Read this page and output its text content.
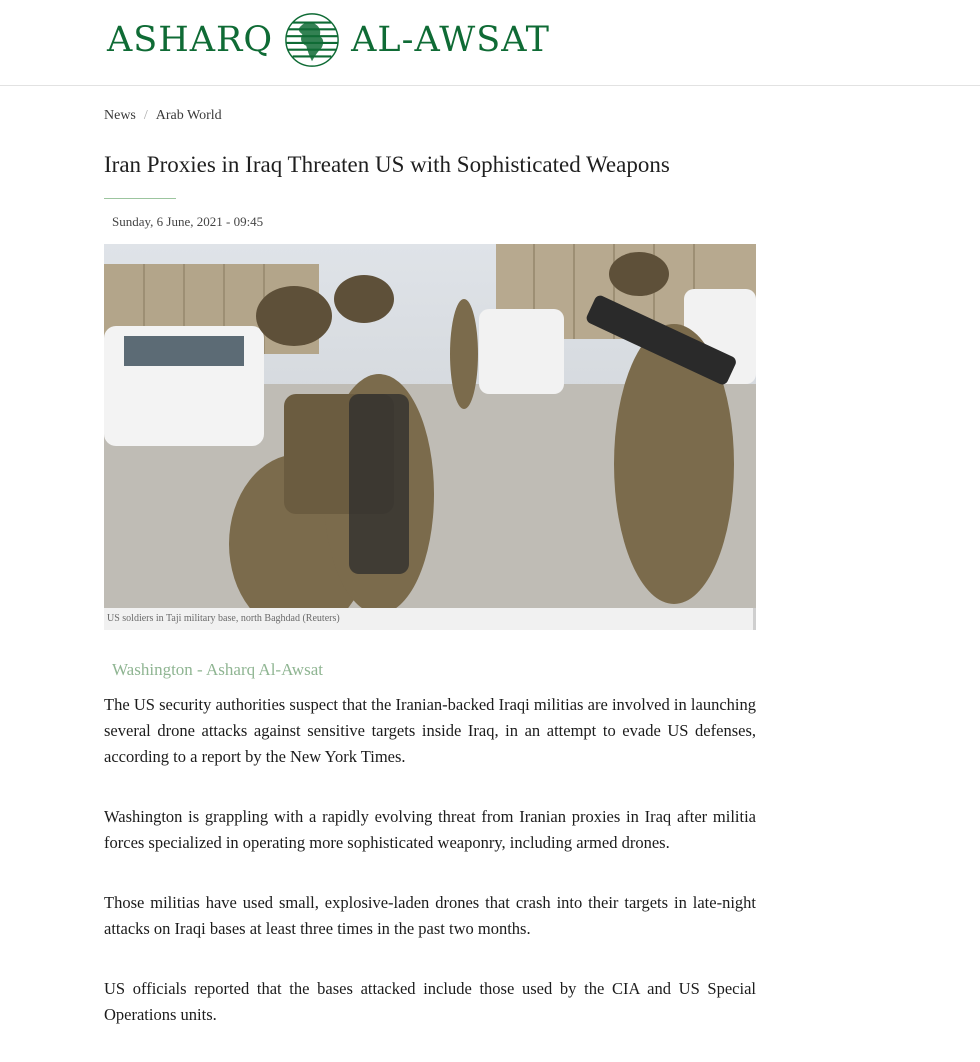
ASHARQ AL-AWSAT
News / Arab World
Iran Proxies in Iraq Threaten US with Sophisticated Weapons
Sunday, 6 June, 2021 - 09:45
US soldiers in Taji military base, north Baghdad (Reuters)
Washington - Asharq Al-Awsat

The US security authorities suspect that the Iranian-backed Iraqi militias are involved in launching several drone attacks against sensitive targets inside Iraq, in an attempt to evade US defenses, according to a report by the New York Times.

Washington is grappling with a rapidly evolving threat from Iranian proxies in Iraq after militia forces specialized in operating more sophisticated weaponry, including armed drones.

Those militias have used small, explosive-laden drones that crash into their targets in late-night attacks on Iraqi bases at least three times in the past two months.

US officials reported that the bases attacked include those used by the CIA and US Special Operations units.
